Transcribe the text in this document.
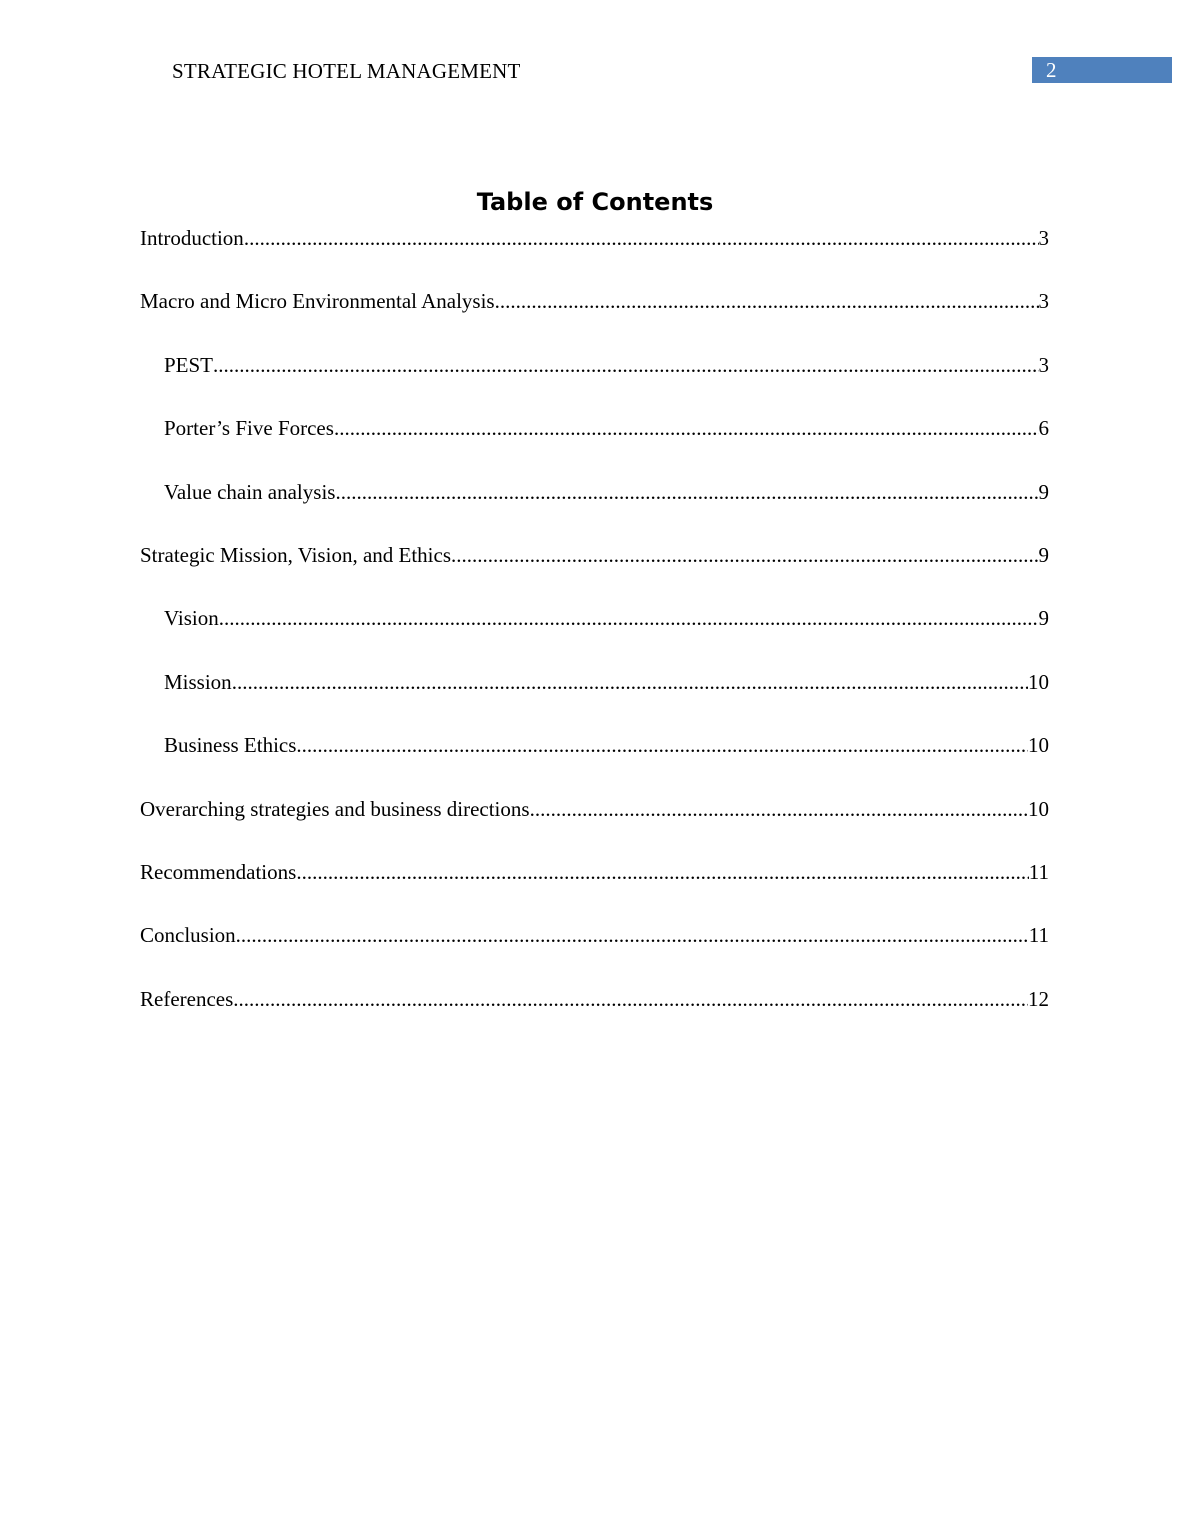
STRATEGIC HOTEL MANAGEMENT	2
Table of Contents
Introduction .....	3
Macro and Micro Environmental Analysis .....	3
PEST .....	3
Porter’s Five Forces .....	6
Value chain analysis .....	9
Strategic Mission, Vision, and Ethics .....	9
Vision .....	9
Mission .....	10
Business Ethics .....	10
Overarching strategies and business directions .....	10
Recommendations .....	11
Conclusion .....	11
References .....	12
